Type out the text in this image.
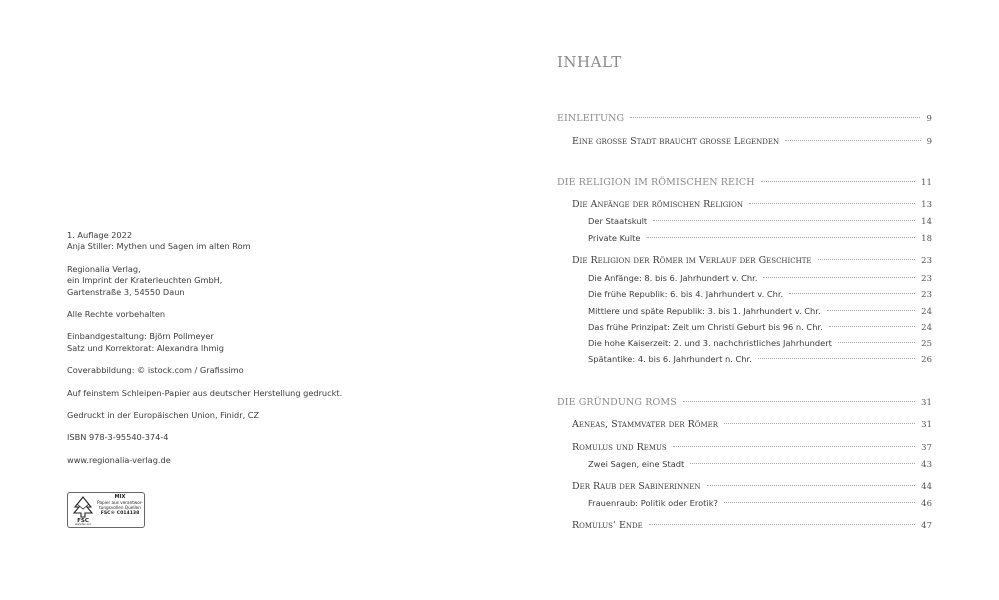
1. Auflage 2022
Anja Stiller: Mythen und Sagen im alten Rom
Regionalia Verlag,
ein Imprint der Kraterleuchten GmbH,
Gartenstraße 3, 54550 Daun
Alle Rechte vorbehalten
Einbandgestaltung: Björn Pollmeyer
Satz und Korrektorat: Alexandra Ihmig
Coverabbildung: © istock.com / Grafissimo
Auf feinstem Schleipen-Papier aus deutscher Herstellung gedruckt.
Gedruckt in der Europäischen Union, Finidr, CZ
ISBN 978-3-95540-374-4
www.regionalia-verlag.de
FSC
www.fsc.org
MIX
Papier aus verantwor-tungsvollen Quellen
FSC® C014138
INHALT
EINLEITUNG	9
Eine große Stadt braucht große Legenden	9
DIE RELIGION IM RÖMISCHEN REICH	11
Die Anfänge der römischen Religion	13
Der Staatskult	14
Private Kulte	18
Die Religion der Römer im Verlauf der Geschichte	23
Die Anfänge: 8. bis 6. Jahrhundert v. Chr.	23
Die frühe Republik: 6. bis 4. Jahrhundert v. Chr.	23
Mittlere und späte Republik: 3. bis 1. Jahrhundert v. Chr.	24
Das frühe Prinzipat: Zeit um Christi Geburt bis 96 n. Chr.	24
Die hohe Kaiserzeit: 2. und 3. nachchristliches Jahrhundert	25
Spätantike: 4. bis 6. Jahrhundert n. Chr.	26
DIE GRÜNDUNG ROMS	31
Aeneas, Stammvater der Römer	31
Romulus und Remus	37
Zwei Sagen, eine Stadt	43
Der Raub der Sabinerinnen	44
Frauenraub: Politik oder Erotik?	46
Romulus’ Ende	47
